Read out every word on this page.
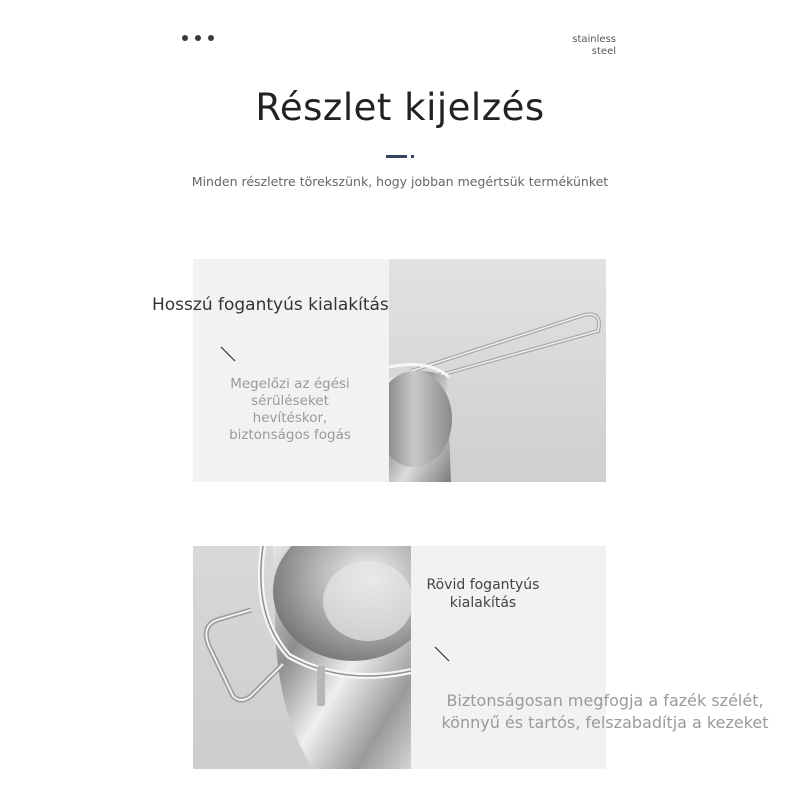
stainless
steel
Részlet kijelzés
Minden részletre törekszünk, hogy jobban megértsük termékünket
Hosszú fogantyús kialakítás
Megelőzi az égési
sérüléseket
hevítéskor,
biztonságos fogás
Rövid fogantyús
kialakítás
Biztonságosan megfogja a fazék szélét,
könnyű és tartós, felszabadítja a kezeket
